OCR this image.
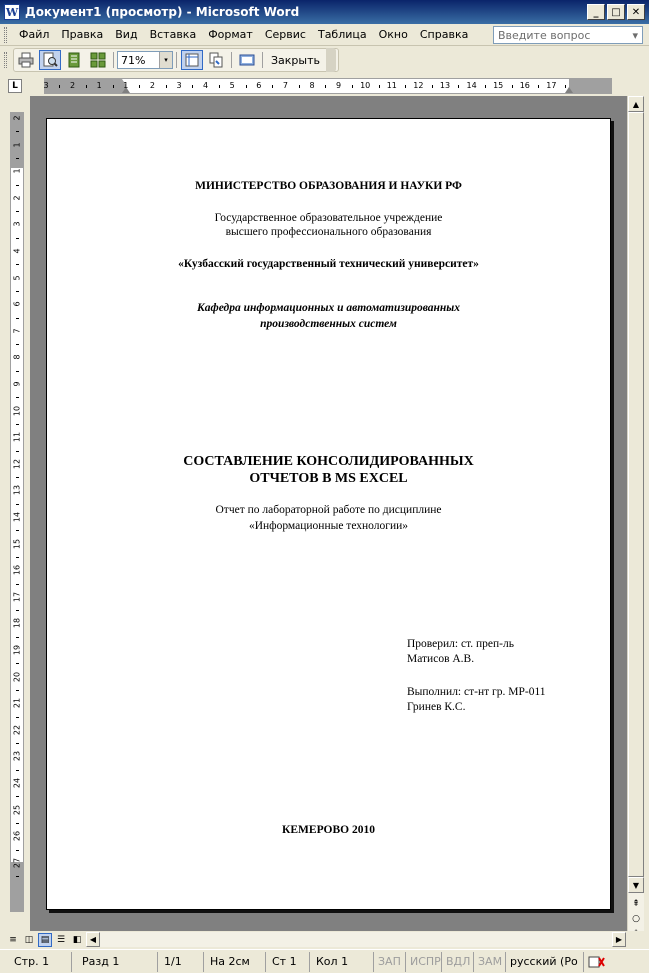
W Документ1 (просмотр) - Microsoft Word	_	□	✕
Файл	Правка	Вид	Вставка	Формат	Сервис	Таблица	Окно	Справка	Введите вопрос	▾
71%	▾	Закрыть
L	3	2	1	1	2	3	4	5	6	7	8	9 10 11 12 13 14 15 16 17
2
1
1
2
3
4
5
6
7
8
9
10
11
12
13
14
15
16
17
18
19
20
21
22
23
24
25
26
27

МИНИСТЕРСТВО ОБРАЗОВАНИЯ И НАУКИ РФ

Государственное образовательное учреждение

высшего профессионального образования

«Кузбасский государственный технический университет»

Кафедра информационных и автоматизированных

производственных систем

СОСТАВЛЕНИЕ КОНСОЛИДИРОВАННЫХ

ОТЧЕТОВ В MS EXCEL

Отчет по лабораторной работе по дисциплине

«Информационные технологии»

Проверил: ст. преп-ль

Матисов А.В.

Выполнил: ст-нт гр. МР-011

Гринев К.С.

КЕМЕРОВО 2010

▲
▼
⇞
○
≡ ◫ ▤ ☰ ◧	◀	▶
Стр. 1	Разд 1	1/1	На 2см	Ст 1	Кол 1	ЗАП ИСПР ВДЛ ЗАМ русский (Ро
